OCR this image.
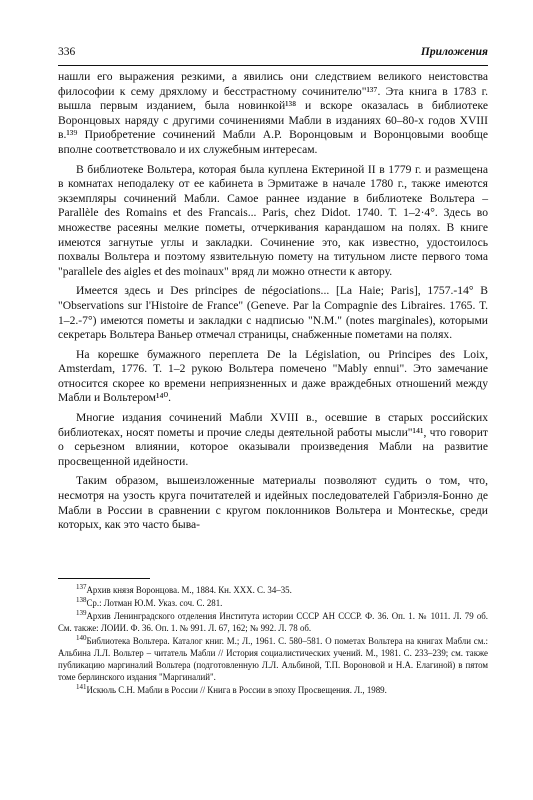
336	Приложения

нашли его выражения резкими, а явились они следствием великого неистовства философии к сему дряхлому и бесстрастному сочинителю"¹³⁷. Эта книга в 1783 г. вышла первым изданием, была новинкой¹³⁸ и вскоре оказалась в библиотеке Воронцовых наряду с другими сочинениями Мабли в изданиях 60–80-х годов XVIII в.¹³⁹ Приобретение сочинений Мабли А.Р. Воронцовым и Воронцовыми вообще вполне соответствовало и их служебным интересам.

В библиотеке Вольтера, которая была куплена Ектериной II в 1779 г. и размещена в комнатах неподалеку от ее кабинета в Эрмитаже в начале 1780 г., также имеются экземпляры сочинений Мабли. Самое раннее издание в библиотеке Вольтера – Parallèle des Romains et des Francais... Paris, chez Didot. 1740. Т. 1–2·4°. Здесь во множестве расеяны мелкие пометы, отчеркивания карандашом на полях. В книге имеются загнутые углы и закладки. Сочинение это, как известно, удостоилось похвалы Вольтера и поэтому язвительную помету на титульном листе первого тома "parallele des aigles et des moinaux" вряд ли можно отнести к автору.

Имеется здесь и Des principes de négociations... [La Haie; Paris], 1757.-14° В "Observations sur l'Histoire de France" (Geneve. Par la Compagnie des Libraires. 1765. Т. 1–2.-7°) имеются пометы и закладки с надписью "N.M." (notes marginales), которыми секретарь Вольтера Ваньер отмечал страницы, снабженные пометами на полях.

На корешке бумажного переплета De la Législation, ou Principes des Loix, Amsterdam, 1776. Т. 1–2 рукою Вольтера помечено "Mably ennui". Это замечание относится скорее ко времени неприязненных и даже враждебных отношений между Мабли и Вольтером¹⁴⁰.

Многие издания сочинений Мабли XVIII в., осевшие в старых российских библиотеках, носят пометы и прочие следы деятельной работы мысли"¹⁴¹, что говорит о серьезном влиянии, которое оказывали произведения Мабли на развитие просвещенной идейности.

Таким образом, вышеизложенные материалы позволяют судить о том, что, несмотря на узость круга почитателей и идейных последователей Габриэля-Бонно де Мабли в России в сравнении с кругом поклонников Вольтера и Монтескье, среди которых, как это часто быва-

$^{137}$Архив князя Воронцова. М., 1884. Кн. XXX. С. 34–35.

$^{138}$Ср.: Лотман Ю.М. Указ. соч. С. 281.

$^{139}$Архив Ленинградского отделения Института истории СССР АН СССР. Ф. 36. Оп. 1. № 1011. Л. 79 об. См. также: ЛОИИ. Ф. 36. Оп. 1. № 991. Л. 67, 162; № 992. Л. 78 об.

$^{140}$Библиотека Вольтера. Каталог книг. М.; Л., 1961. С. 580–581. О пометах Вольтера на книгах Мабли см.: Альбина Л.Л. Вольтер – читатель Мабли // История социалистических учений. М., 1981. С. 233–239; см. также публикацию маргиналий Вольтера (подготовленную Л.Л. Альбиной, Т.П. Вороновой и Н.А. Елагиной) в пятом томе берлинского издания "Маргиналий".

$^{141}$Искюль С.Н. Мабли в России // Книга в России в эпоху Просвещения. Л., 1989.
